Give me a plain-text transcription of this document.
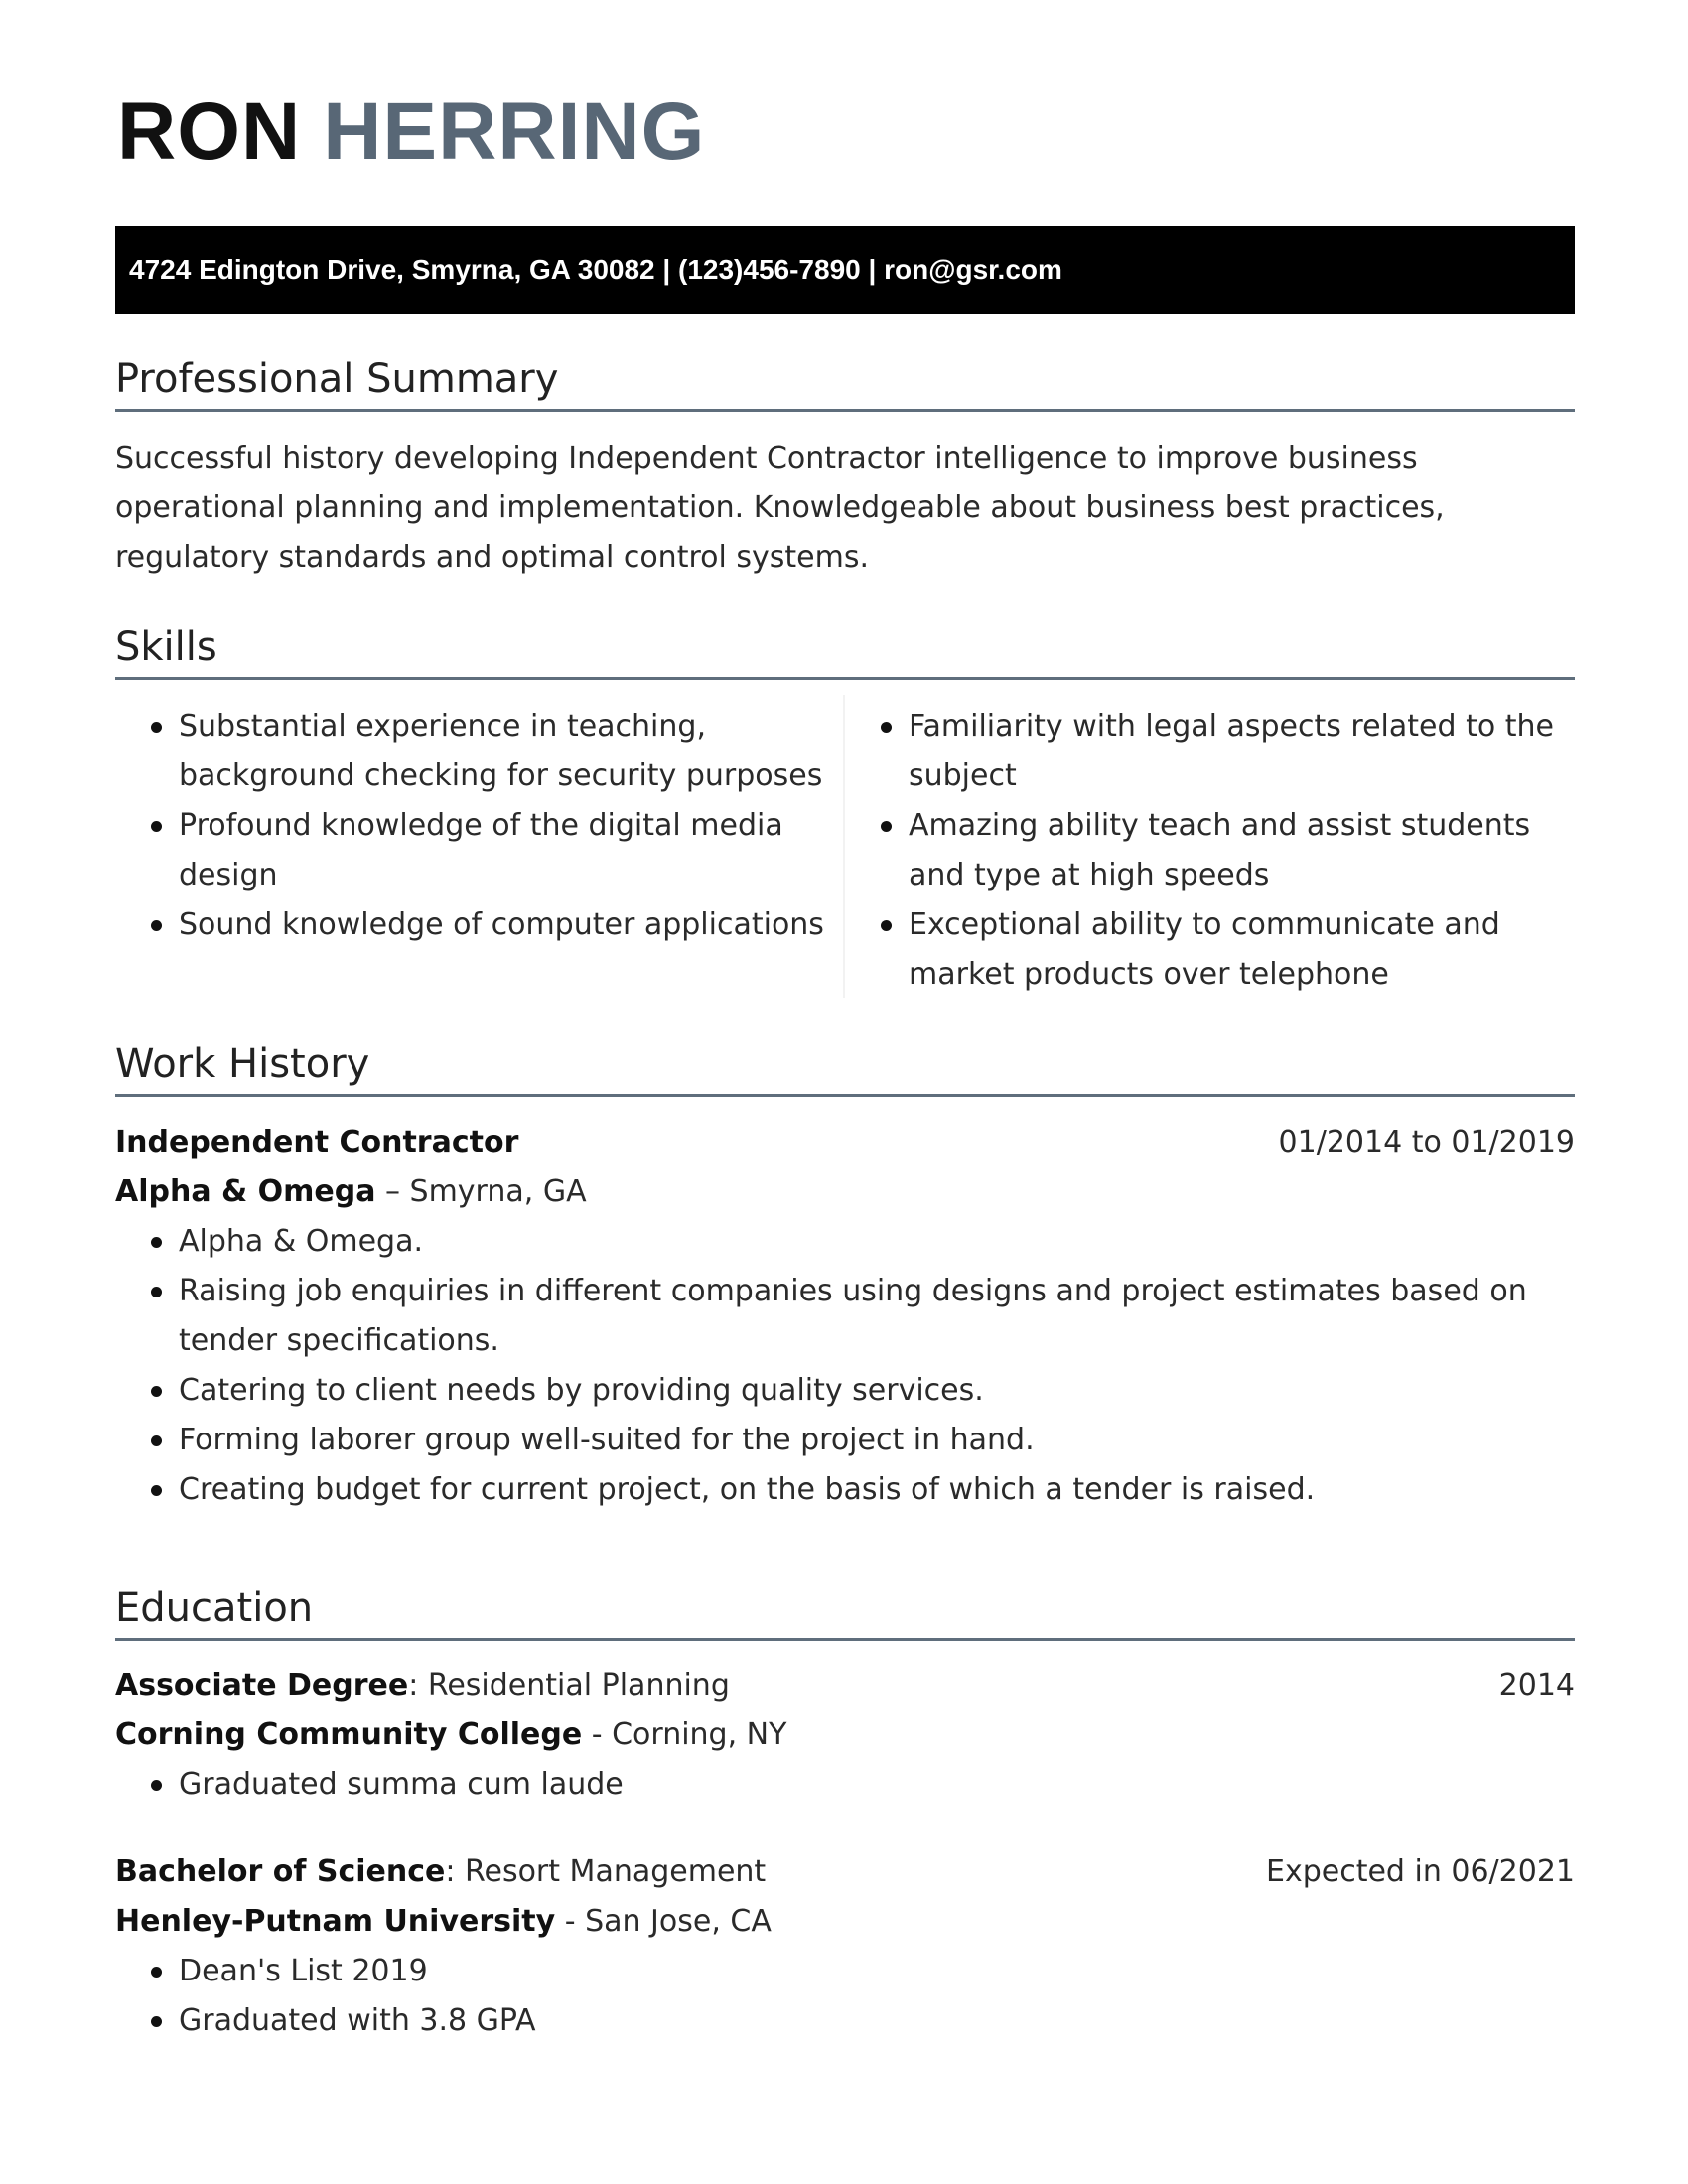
RON HERRING
4724 Edington Drive, Smyrna, GA 30082 | (123)456-7890 | ron@gsr.com
Professional Summary
Successful history developing Independent Contractor intelligence to improve business operational planning and implementation. Knowledgeable about business best practices, regulatory standards and optimal control systems.
Skills
Substantial experience in teaching, background checking for security purposes
Profound knowledge of the digital media design
Sound knowledge of computer applications
Familiarity with legal aspects related to the subject
Amazing ability teach and assist students and type at high speeds
Exceptional ability to communicate and market products over telephone
Work History
Independent Contractor	01/2014 to 01/2019
Alpha & Omega – Smyrna, GA
Alpha & Omega.
Raising job enquiries in different companies using designs and project estimates based on tender specifications.
Catering to client needs by providing quality services.
Forming laborer group well-suited for the project in hand.
Creating budget for current project, on the basis of which a tender is raised.
Education
Associate Degree: Residential Planning	2014
Corning Community College - Corning, NY
Graduated summa cum laude
Bachelor of Science: Resort Management	Expected in 06/2021
Henley-Putnam University - San Jose, CA
Dean's List 2019
Graduated with 3.8 GPA
